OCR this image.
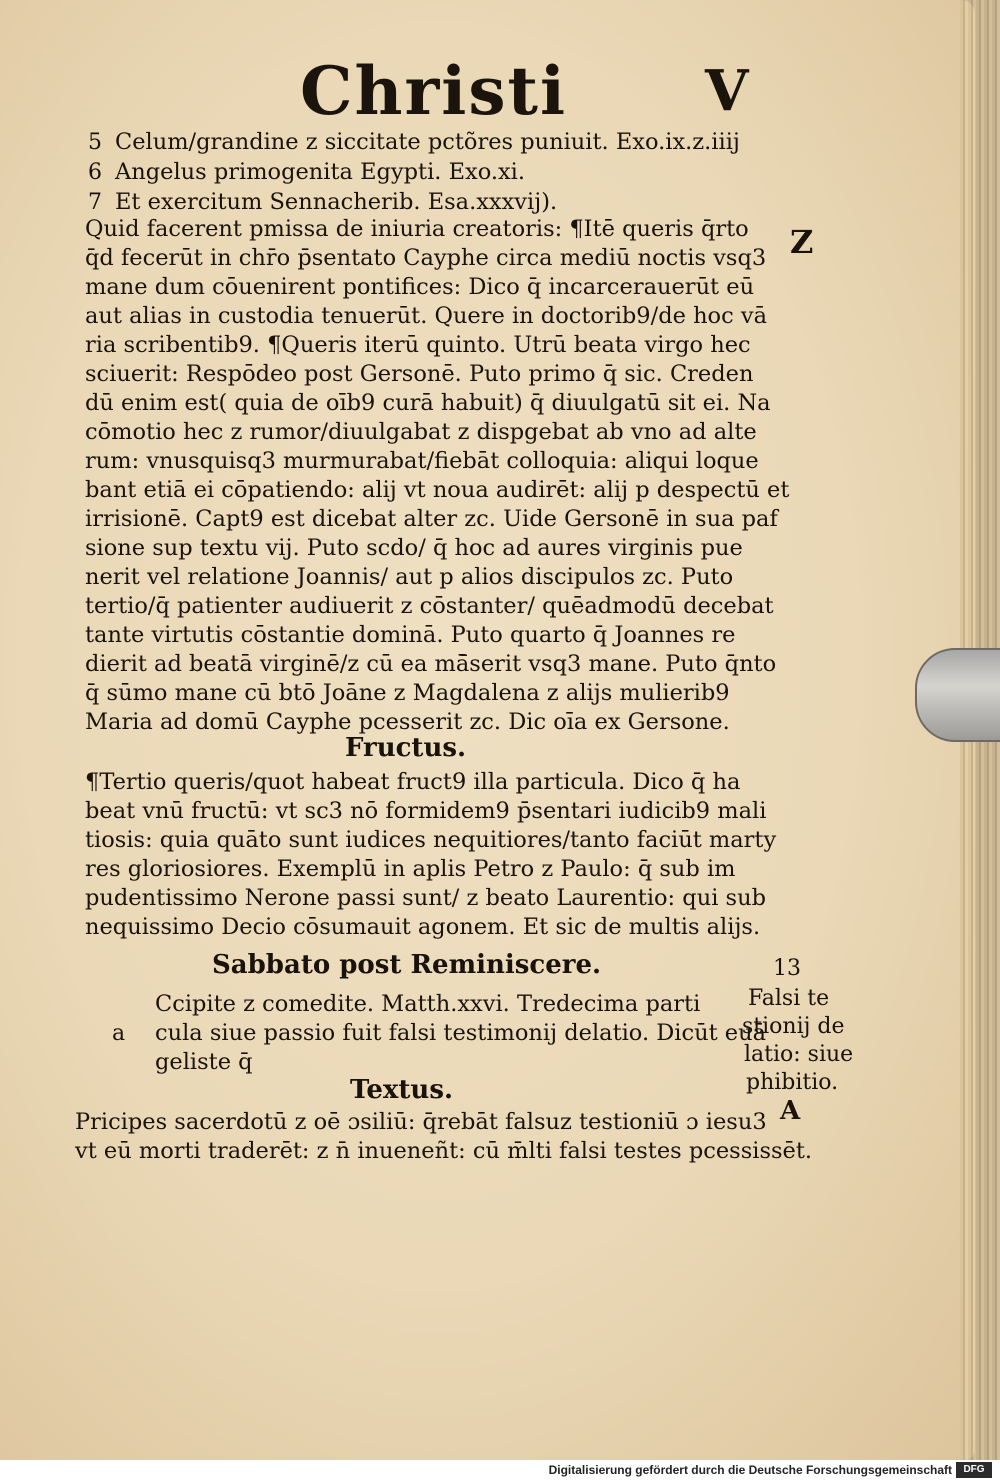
Christi V
5 Celum/grandine z siccitate pctõres puniuit. Exo.ix.z.iiij
6 Angelus primogenita Egypti. Exo.xi.
7 Et exercitum Sennacherib. Esa.xxxvij).
Quid facerent pmissa de iniuria creatoris: ¶Itē queris q̄rto
q̄d fecerūt in chr̄o p̄sentato Cayphe circa mediū noctis vsq3
mane dum cōuenirent pontifices: Dico q̄ incarcerauerūt eū
aut alias in custodia tenuerūt. Quere in doctorib9/de hoc vā
ria scribentib9. ¶Queris iterū quinto. Utrū beata virgo hec
sciuerit: Respōdeo post Gersonē. Puto primo q̄ sic. Creden
dū enim est( quia de oīb9 curā habuit) q̄ diuulgatū sit ei. Na
cōmotio hec z rumor/diuulgabat z dispgebat ab vno ad alte
rum: vnusquisq3 murmurabat/fiebāt colloquia: aliqui loque
bant etiā ei cōpatiendo: alij vt noua audirēt: alij p despectū et
irrisionē. Capt9 est dicebat alter zc. Uide Gersonē in sua paf
sione sup textu vij. Puto scdo/ q̄ hoc ad aures virginis pue
nerit vel relatione Joannis/ aut p alios discipulos zc. Puto
tertio/q̄ patienter audiuerit z cōstanter/ quēadmodū decebat
tante virtutis cōstantie dominā. Puto quarto q̄ Joannes re
dierit ad beatā virginē/z cū ea mā̄serit vsq3 mane. Puto q̄nto
q̄ sūmo mane cū btō Joāne z Magdalena z alijs mulierib9
Maria ad domū Cayphe pcesserit zc. Dic oīa ex Gersone.
Fructus.
¶Tertio queris/quot habeat fruct9 illa particula. Dico q̄ ha
beat vnū fructū: vt sc3 nō formidem9 p̄sentari iudicib9 mali
tiosis: quia quāto sunt iudices nequitiores/tanto faciūt marty
res gloriosiores. Exemplū in aplis Petro z Paulo: q̄ sub im
pudentissimo Nerone passi sunt/ z beato Laurentio: qui sub
nequissimo Decio cōsumauit agonem. Et sic de multis alijs.
Sabbato post Reminiscere.	13
Ccipite z comedite. Matth.xxvi. Tredecima parti
a cula siue passio fuit falsi testimonij delatio. Dicūt euā
geliste q̄
Textus.
Pricipes sacerdotū z oē ɔsiliū: q̄rebāt falsuz testioniū ɔ iesu3
vt eū morti traderēt: z n̄ inueneñt: cū m̄lti falsi testes pcessissēt.
Falsi te
stionij de
latio: siue
phibitio.
A
Z
Digitalisierung gefördert durch die Deutsche Forschungsgemeinschaft	DFG
